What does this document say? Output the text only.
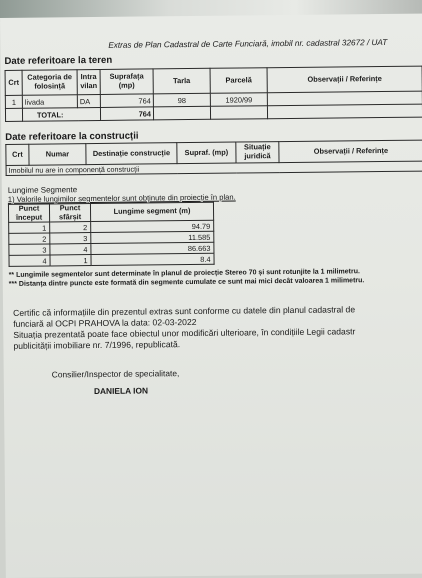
Extras de Plan Cadastral de Carte Funciară, imobil nr. cadastral 32672 / UAT
Date referitoare la teren
Crt	Categoria de folosință	Intra vilan	Suprafața (mp)	Tarla	Parcelă	Observații / Referințe
1	livada	DA	764	98	1920/99	
	TOTAL:		764			
Date referitoare la construcții
Crt	Numar	Destinație construcție	Supraf. (mp)	Situație juridică	Observații / Referințe
Imobilul nu are in componență construcții
Lungime Segmente
1) Valorile lungimilor segmentelor sunt obținute din proiecție în plan.
Punct început	Punct sfârșit	Lungime segment (m)
1	2	94.79
2	3	11.585
3	4	86.663
4	1	8.4
** Lungimile segmentelor sunt determinate în planul de proiecție Stereo 70 și sunt rotunjite la 1 milimetru.
*** Distanța dintre puncte este formată din segmente cumulate ce sunt mai mici decât valoarea 1 milimetru.
Certific că informațiile din prezentul extras sunt conforme cu datele din planul cadastral de
funciară al OCPI PRAHOVA la data: 02-03-2022
Situația prezentată poate face obiectul unor modificări ulterioare, în condițiile Legii cadastr
publicității imobiliare nr. 7/1996, republicată.
Consilier/Inspector de specialitate,
DANIELA ION
